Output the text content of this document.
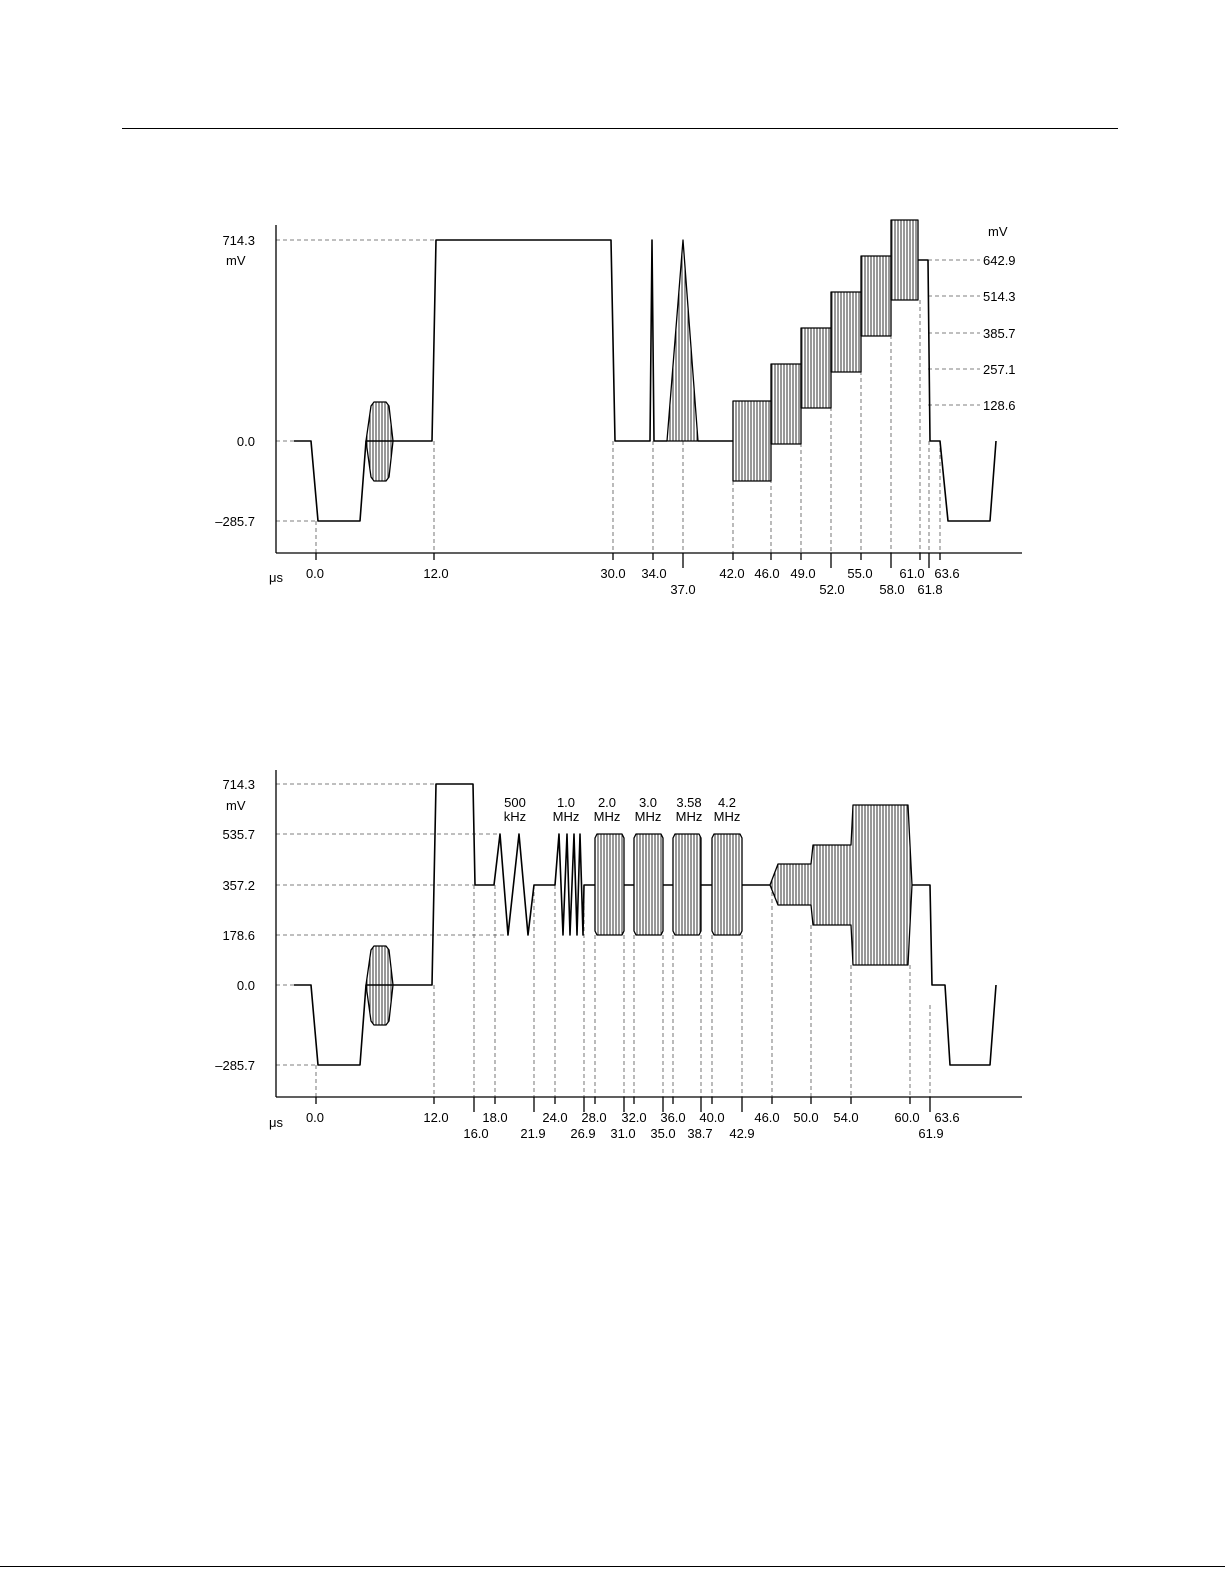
714.3
mV
0.0
–285.7
mV
642.9
514.3
385.7
257.1
128.6
μs 0.0	12.0	30.0 34.0	42.0 46.0 49.0 55.0 61.0 63.6
37.0	52.0	58.0 61.8
714.3
mV
535.7
357.2
178.6
0.0
–285.7
500
kHz
1.0
MHz
2.0
MHz
3.0
MHz
3.58
MHz
4.2
MHz
μs 0.0	12.0	18.0	24.0 28.0 32.0 36.0 40.0 46.0 50.0 54.0	60.0 63.6
16.0 21.9 26.9 31.0 35.0 38.7 42.9	61.9
